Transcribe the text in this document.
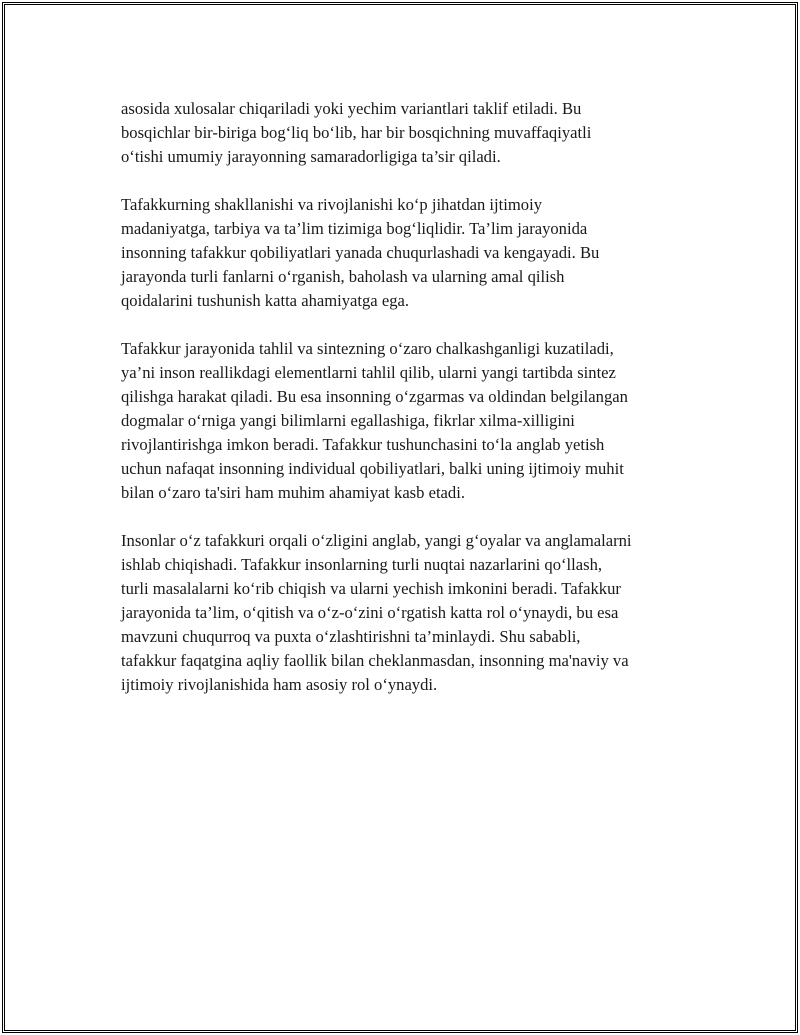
asosida xulosalar chiqariladi yoki yechim variantlari taklif etiladi. Bu
bosqichlar bir-biriga bog‘liq bo‘lib, har bir bosqichning muvaffaqiyatli
o‘tishi umumiy jarayonning samaradorligiga ta’sir qiladi.

Tafakkurning shakllanishi va rivojlanishi ko‘p jihatdan ijtimoiy
madaniyatga, tarbiya va ta’lim tizimiga bog‘liqlidir. Ta’lim jarayonida
insonning tafakkur qobiliyatlari yanada chuqurlashadi va kengayadi. Bu
jarayonda turli fanlarni o‘rganish, baholash va ularning amal qilish
qoidalarini tushunish katta ahamiyatga ega.

Tafakkur jarayonida tahlil va sintezning o‘zaro chalkashganligi kuzatiladi,
ya’ni inson reallikdagi elementlarni tahlil qilib, ularni yangi tartibda sintez
qilishga harakat qiladi. Bu esa insonning o‘zgarmas va oldindan belgilangan
dogmalar o‘rniga yangi bilimlarni egallashiga, fikrlar xilma-xilligini
rivojlantirishga imkon beradi. Tafakkur tushunchasini to‘la anglab yetish
uchun nafaqat insonning individual qobiliyatlari, balki uning ijtimoiy muhit
bilan o‘zaro ta'siri ham muhim ahamiyat kasb etadi.

Insonlar o‘z tafakkuri orqali o‘zligini anglab, yangi g‘oyalar va anglamalarni
ishlab chiqishadi. Tafakkur insonlarning turli nuqtai nazarlarini qo‘llash,
turli masalalarni ko‘rib chiqish va ularni yechish imkonini beradi. Tafakkur
jarayonida ta’lim, o‘qitish va o‘z-o‘zini o‘rgatish katta rol o‘ynaydi, bu esa
mavzuni chuqurroq va puxta o‘zlashtirishni ta’minlaydi. Shu sababli,
tafakkur faqatgina aqliy faollik bilan cheklanmasdan, insonning ma'naviy va
ijtimoiy rivojlanishida ham asosiy rol o‘ynaydi.
